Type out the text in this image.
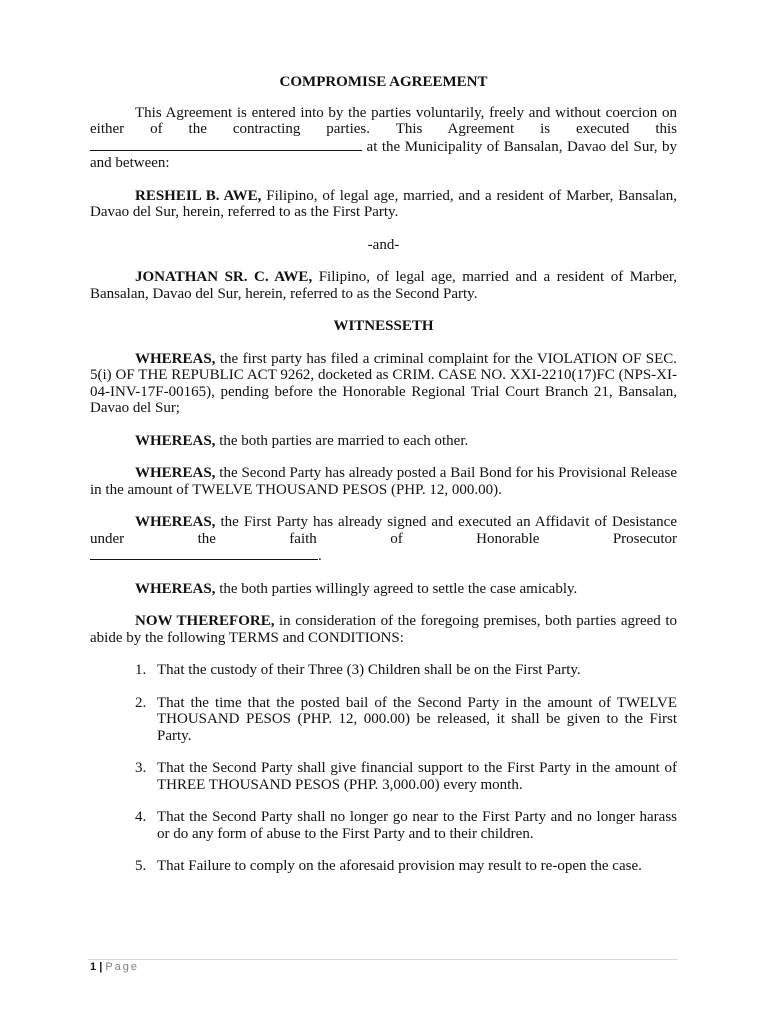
COMPROMISE AGREEMENT

This Agreement is entered into by the parties voluntarily, freely and without coercion on either of the contracting parties. This Agreement is executed this  at the Municipality of Bansalan, Davao del Sur, by and between:

RESHEIL B. AWE, Filipino, of legal age, married, and a resident of Marber, Bansalan, Davao del Sur, herein, referred to as the First Party.

-and-

JONATHAN SR. C. AWE, Filipino, of legal age, married and a resident of Marber, Bansalan, Davao del Sur, herein, referred to as the Second Party.

WITNESSETH

WHEREAS, the first party has filed a criminal complaint for the VIOLATION OF SEC. 5(i) OF THE REPUBLIC ACT 9262, docketed as CRIM. CASE NO. XXI-2210(17)FC (NPS-XI-04-INV-17F-00165), pending before the Honorable Regional Trial Court Branch 21, Bansalan, Davao del Sur;

WHEREAS, the both parties are married to each other.

WHEREAS, the Second Party has already posted a Bail Bond for his Provisional Release in the amount of TWELVE THOUSAND PESOS (PHP. 12, 000.00).

WHEREAS, the First Party has already signed and executed an Affidavit of Desistance under the faith of Honorable Prosecutor

.

WHEREAS, the both parties willingly agreed to settle the case amicably.

NOW THEREFORE, in consideration of the foregoing premises, both parties agreed to abide by the following TERMS and CONDITIONS:

1. That the custody of their Three (3) Children shall be on the First Party.
2. That the time that the posted bail of the Second Party in the amount of TWELVE THOUSAND PESOS (PHP. 12, 000.00) be released, it shall be given to the First Party.
3. That the Second Party shall give financial support to the First Party in the amount of THREE THOUSAND PESOS (PHP. 3,000.00) every month.
4. That the Second Party shall no longer go near to the First Party and no longer harass or do any form of abuse to the First Party and to their children.
5. That Failure to comply on the aforesaid provision may result to re-open the case.
1 | Page
